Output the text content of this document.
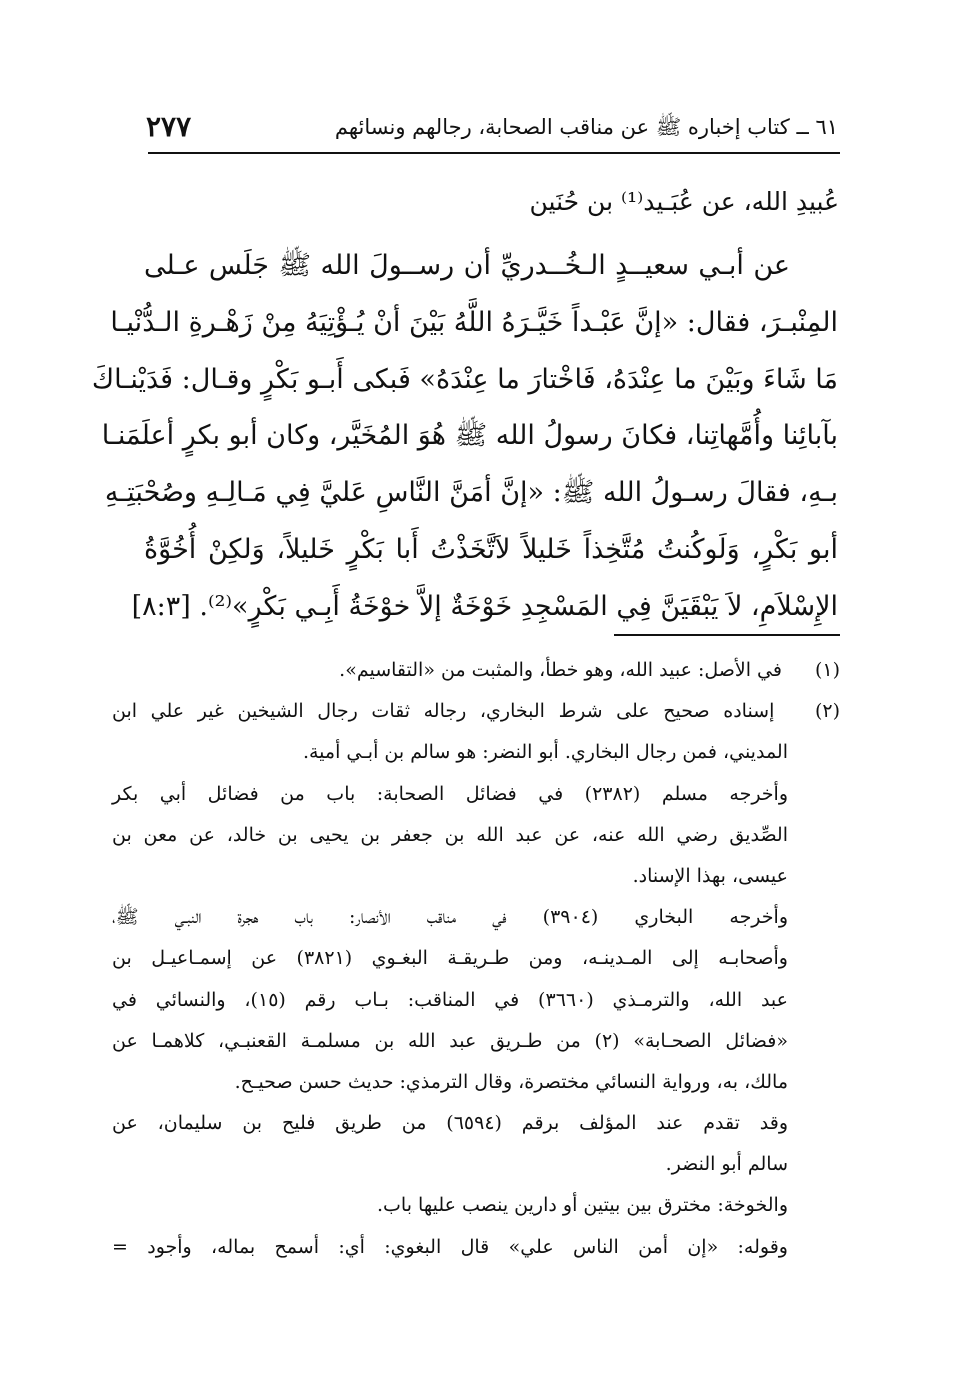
٦١ ــ كتاب إخباره ﷺ عن مناقب الصحابة، رجالهم ونسائهم
٢٧٧
عُبيدِ الله، عن عُبَـيد⁽¹⁾ بن حُنَين
عن أبـي سعيــدٍ الـخُــدريِّ أن رســولَ الله ﷺ جَلَس عـلى
المِنْبـرَ، فقال: «إنَّ عَبْـداً خَيَّـرَهُ اللَّهُ بَيْنَ أنْ يُـؤْتِيَهُ مِنْ زَهْـرةِ الـدُّنْيـا
مَا شَاءَ وبَيْنَ ما عِنْدَهُ، فَاخْتارَ ما عِنْدَهُ» فَبكى أَبـو بَكْرٍ وقـال: فَدَيْنـاكَ
بآبائِنا وأُمَّهاتِنا، فكانَ رسولُ الله ﷺ هُوَ المُخَيَّر، وكان أبو بكرٍ أعلَمَنـا
بـهِ، فقالَ رسـولُ الله ﷺ: «إنَّ أمَنَّ النَّاسِ عَليَّ فِي مَـالِـهِ وصُحْبَتِـهِ
أبو بَكْرٍ، وَلَوكُنتُ مُتَّخِذاً خَليلاً لاَتَّخَذْتُ أَبا بَكْرٍ خَليلاً، وَلكِنْ أُخُوَّةُ
الإِسْلاَمِ، لاَ يَبْقَيَنَّ فِي المَسْجِدِ خَوْخَةٌ إلاَّ خوْخَةُ أَبِـي بَكْرٍ»⁽²⁾. [٨:٣]
(١) في الأصل: عبيد الله، وهو خطأ، والمثبت من «التقاسيم».
(٢) إسناده صحيح على شرط البخاري، رجاله ثقات رجال الشيخين غير علي ابن
المديني، فمن رجال البخاري. أبو النضر: هو سالم بن أبـي أمية.
وأخرجه مسلم (٢٣٨٢) في فضائل الصحابة: باب من فضائل أبي بكر
الصِّديق رضي الله عنه، عن عبد الله بن جعفر بن يحيى بن خالد، عن معن بن
عيسى، بهذا الإسناد.
وأخرجه البخاري (٣٩٠٤) في مناقب الأنصار: باب هجرة النبـي ﷺ،
وأصحابـه إلى المـدينـه، ومن طـريقـة البغـوي (٣٨٢١) عن إسمـاعيـل بن
عبد الله، والترمـذي (٣٦٦٠) في المناقب: بـاب رقم (١٥)، والنسائي في
«فضائل الصحـابة» (٢) من طـريق عبد الله بن مسلمـة القعنبـي، كلاهمـا عن
مالك، به، ورواية النسائي مختصرة، وقال الترمذي: حديث حسن صحيـح.
وقد تقدم عند المؤلف برقم (٦٥٩٤) من طريق فليح بن سليمان، عن
سالم أبو النضر.
والخوخة: مخترق بين بيتين أو دارين ينصب عليها باب.
وقوله: «إن أمن الناس علي» قال البغوي: أي: أسمح بماله، وأجود =
